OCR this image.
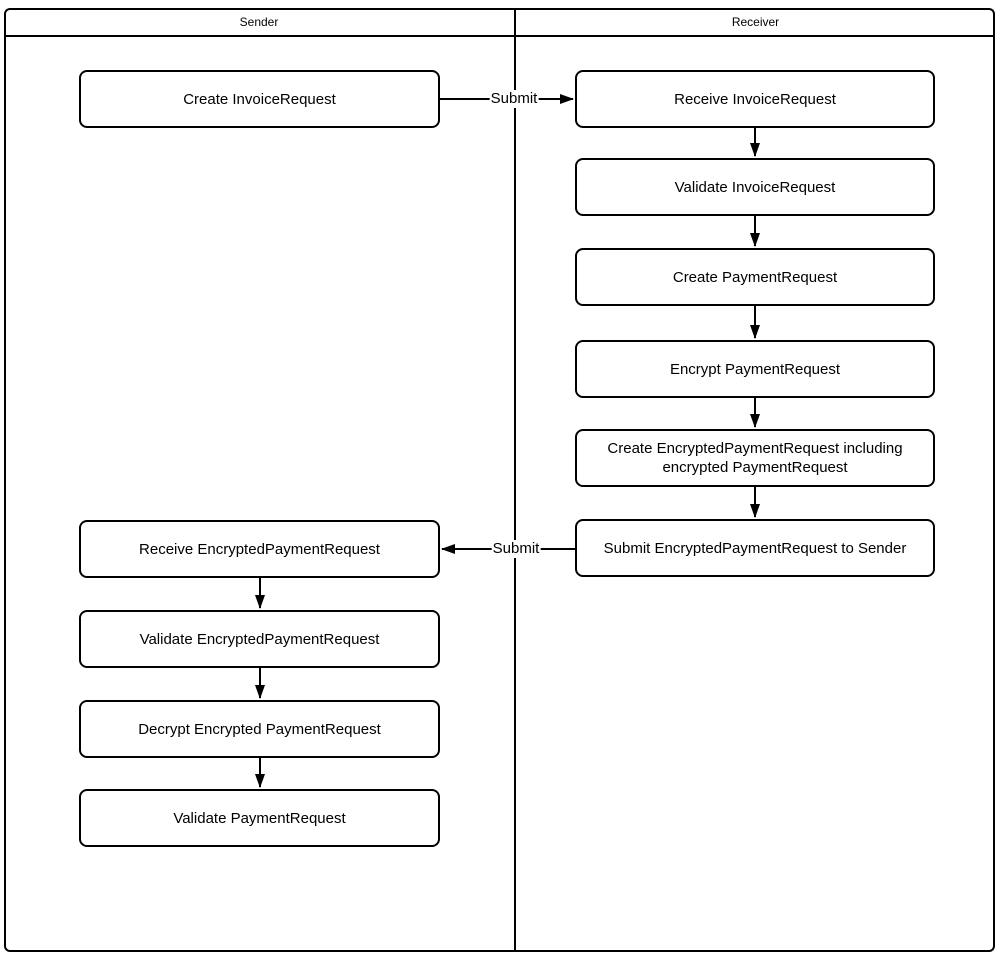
Sender	Receiver
Submit
Submit
Create InvoiceRequest
Receive EncryptedPaymentRequest
Validate EncryptedPaymentRequest
Decrypt Encrypted PaymentRequest
Validate PaymentRequest
Receive InvoiceRequest
Validate InvoiceRequest
Create PaymentRequest
Encrypt PaymentRequest
Create EncryptedPaymentRequest including encrypted PaymentRequest
Submit EncryptedPaymentRequest to Sender
